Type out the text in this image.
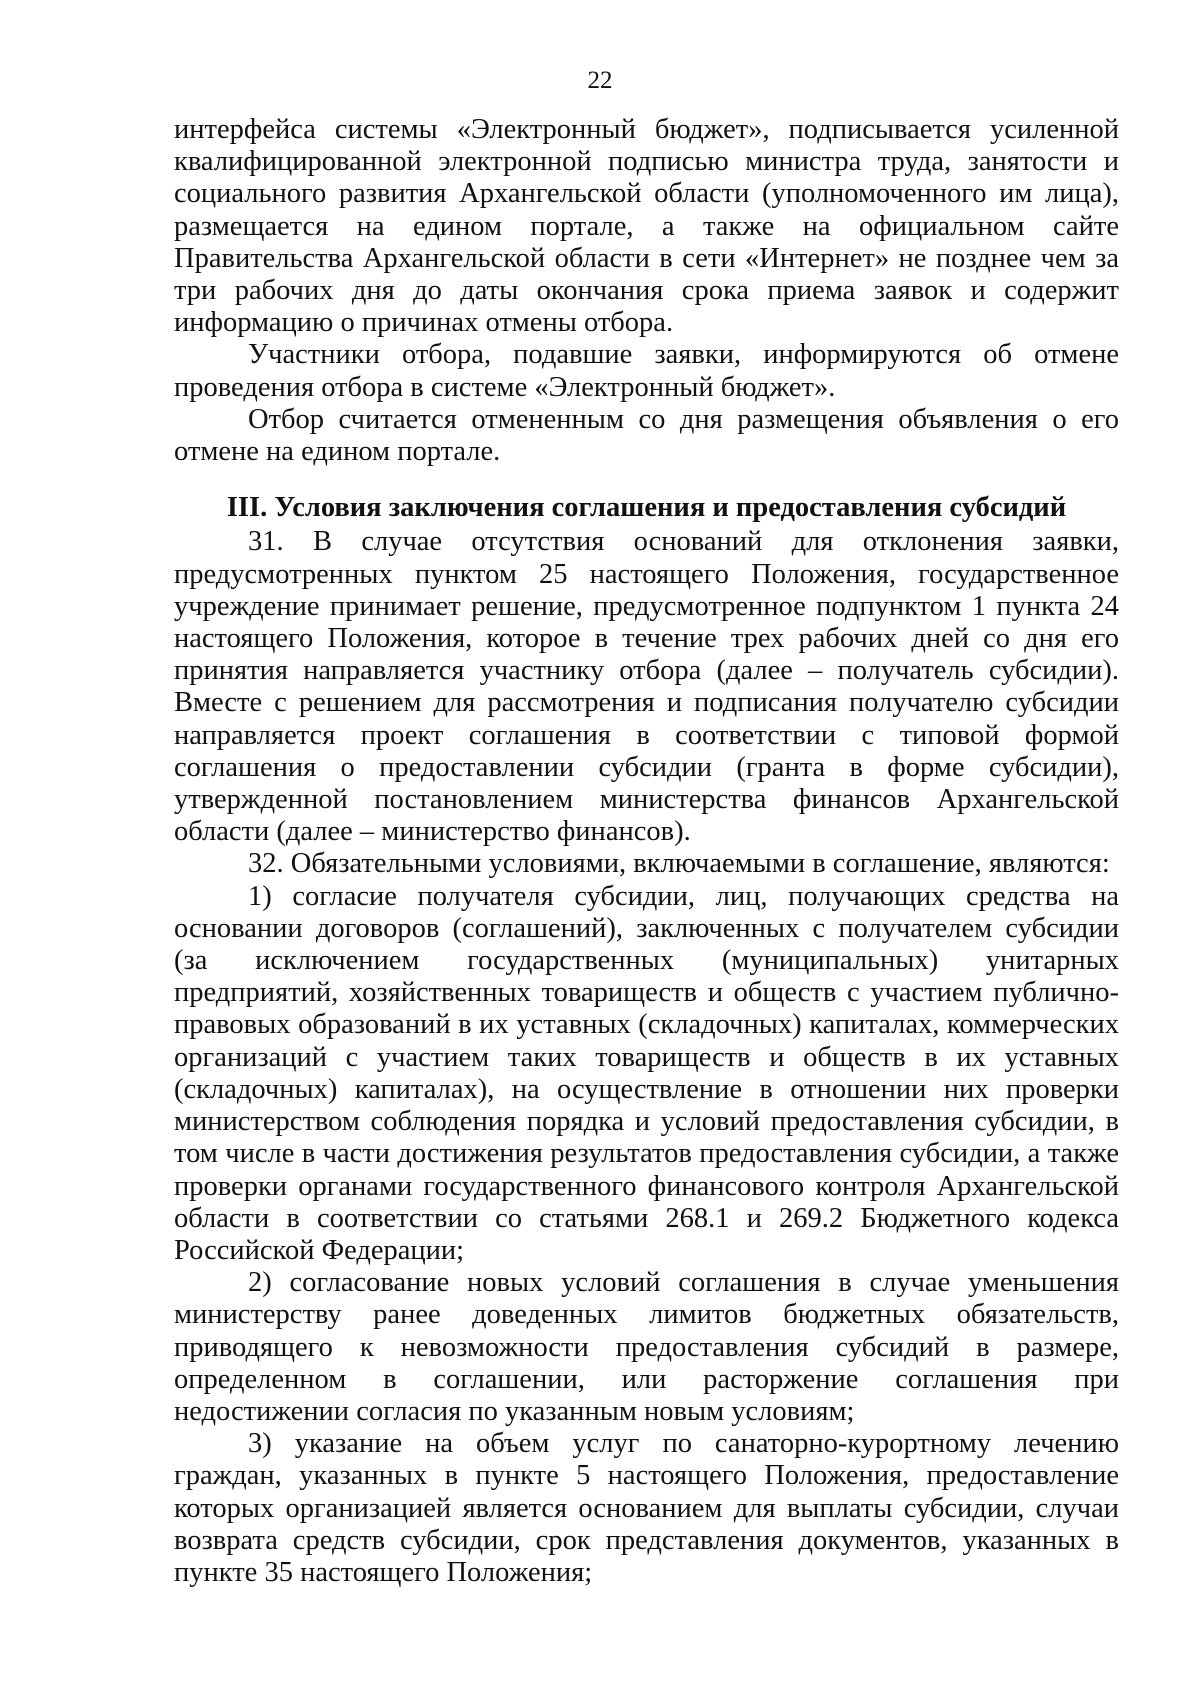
22

интерфейса системы «Электронный бюджет», подписывается усиленной квалифицированной электронной подписью министра труда, занятости и социального развития Архангельской области (уполномоченного им лица), размещается на едином портале, а также на официальном сайте Правительства Архангельской области в сети «Интернет» не позднее чем за три рабочих дня до даты окончания срока приема заявок и содержит информацию о причинах отмены отбора.

Участники отбора, подавшие заявки, информируются об отмене проведения отбора в системе «Электронный бюджет».

Отбор считается отмененным со дня размещения объявления о его отмене на едином портале.

III. Условия заключения соглашения и предоставления субсидий

31. В случае отсутствия оснований для отклонения заявки, предусмотренных пунктом 25 настоящего Положения, государственное учреждение принимает решение, предусмотренное подпунктом 1 пункта 24 настоящего Положения, которое в течение трех рабочих дней со дня его принятия направляется участнику отбора (далее – получатель субсидии). Вместе с решением для рассмотрения и подписания получателю субсидии направляется проект соглашения в соответствии с типовой формой соглашения о предоставлении субсидии (гранта в форме субсидии), утвержденной постановлением министерства финансов Архангельской области (далее – министерство финансов).

32. Обязательными условиями, включаемыми в соглашение, являются:

1) согласие получателя субсидии, лиц, получающих средства на основании договоров (соглашений), заключенных с получателем субсидии (за исключением государственных (муниципальных) унитарных предприятий, хозяйственных товариществ и обществ с участием публично-правовых образований в их уставных (складочных) капиталах, коммерческих организаций с участием таких товариществ и обществ в их уставных (складочных) капиталах), на осуществление в отношении них проверки министерством соблюдения порядка и условий предоставления субсидии, в том числе в части достижения результатов предоставления субсидии, а также проверки органами государственного финансового контроля Архангельской области в соответствии со статьями 268.1 и 269.2 Бюджетного кодекса Российской Федерации;

2) согласование новых условий соглашения в случае уменьшения министерству ранее доведенных лимитов бюджетных обязательств, приводящего к невозможности предоставления субсидий в размере, определенном в соглашении, или расторжение соглашения при недостижении согласия по указанным новым условиям;

3) указание на объем услуг по санаторно-курортному лечению граждан, указанных в пункте 5 настоящего Положения, предоставление которых организацией является основанием для выплаты субсидии, случаи возврата средств субсидии, срок представления документов, указанных в пункте 35 настоящего Положения;
